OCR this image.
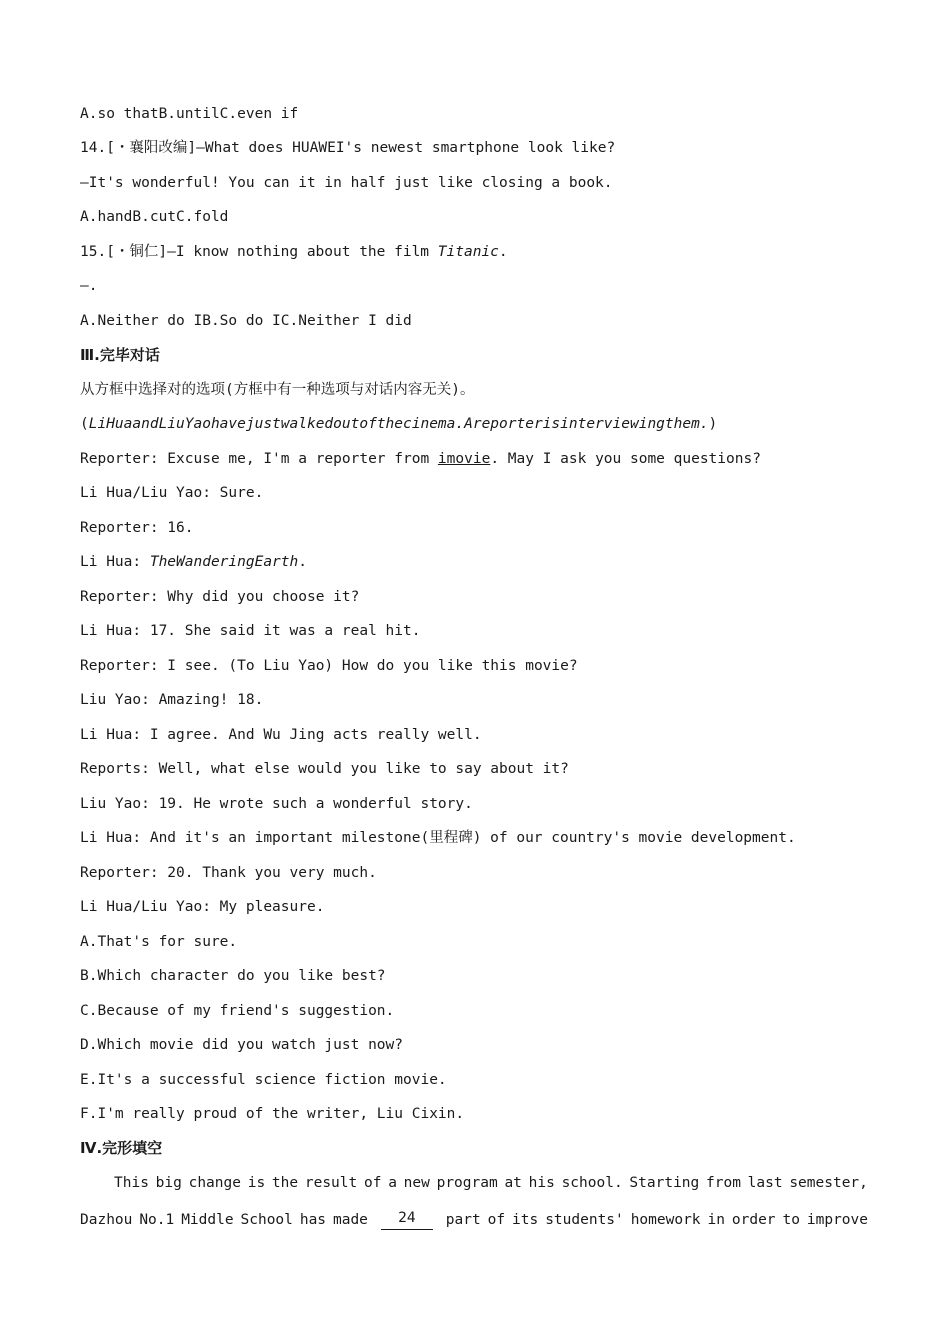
A.so thatB.untilC.even if
14.[・襄阳改编]—What does HUAWEI's newest smartphone look like?
—It's wonderful! You can it in half just like closing a book.
A.handB.cutC.fold
15.[・铜仁]—I know nothing about the film Titanic.
—.
A.Neither do IB.So do IC.Neither I did
Ⅲ.完毕对话
从方框中选择对的选项(方框中有一种选项与对话内容无关)。
(LiHuaandLiuYaohavejustwalkedoutofthecinema.Areporterisinterviewingthem.)
Reporter: Excuse me, I'm a reporter from imovie. May I ask you some questions?
Li Hua/Liu Yao: Sure.
Reporter: 16.
Li Hua: TheWanderingEarth.
Reporter: Why did you choose it?
Li Hua: 17. She said it was a real hit.
Reporter: I see. (To Liu Yao) How do you like this movie?
Liu Yao: Amazing! 18.
Li Hua: I agree. And Wu Jing acts really well.
Reports: Well, what else would you like to say about it?
Liu Yao: 19. He wrote such a wonderful story.
Li Hua: And it's an important milestone(里程碑) of our country's movie development.
Reporter: 20. Thank you very much.
Li Hua/Liu Yao: My pleasure.
A.That's for sure.
B.Which character do you like best?
C.Because of my friend's suggestion.
D.Which movie did you watch just now?
E.It's a successful science fiction movie.
F.I'm really proud of the writer, Liu Cixin.
Ⅳ.完形填空
This big change is the result of a new program at his school. Starting from last semester,
Dazhou No.1 Middle School has made	24	part of its students' homework in order to improve
